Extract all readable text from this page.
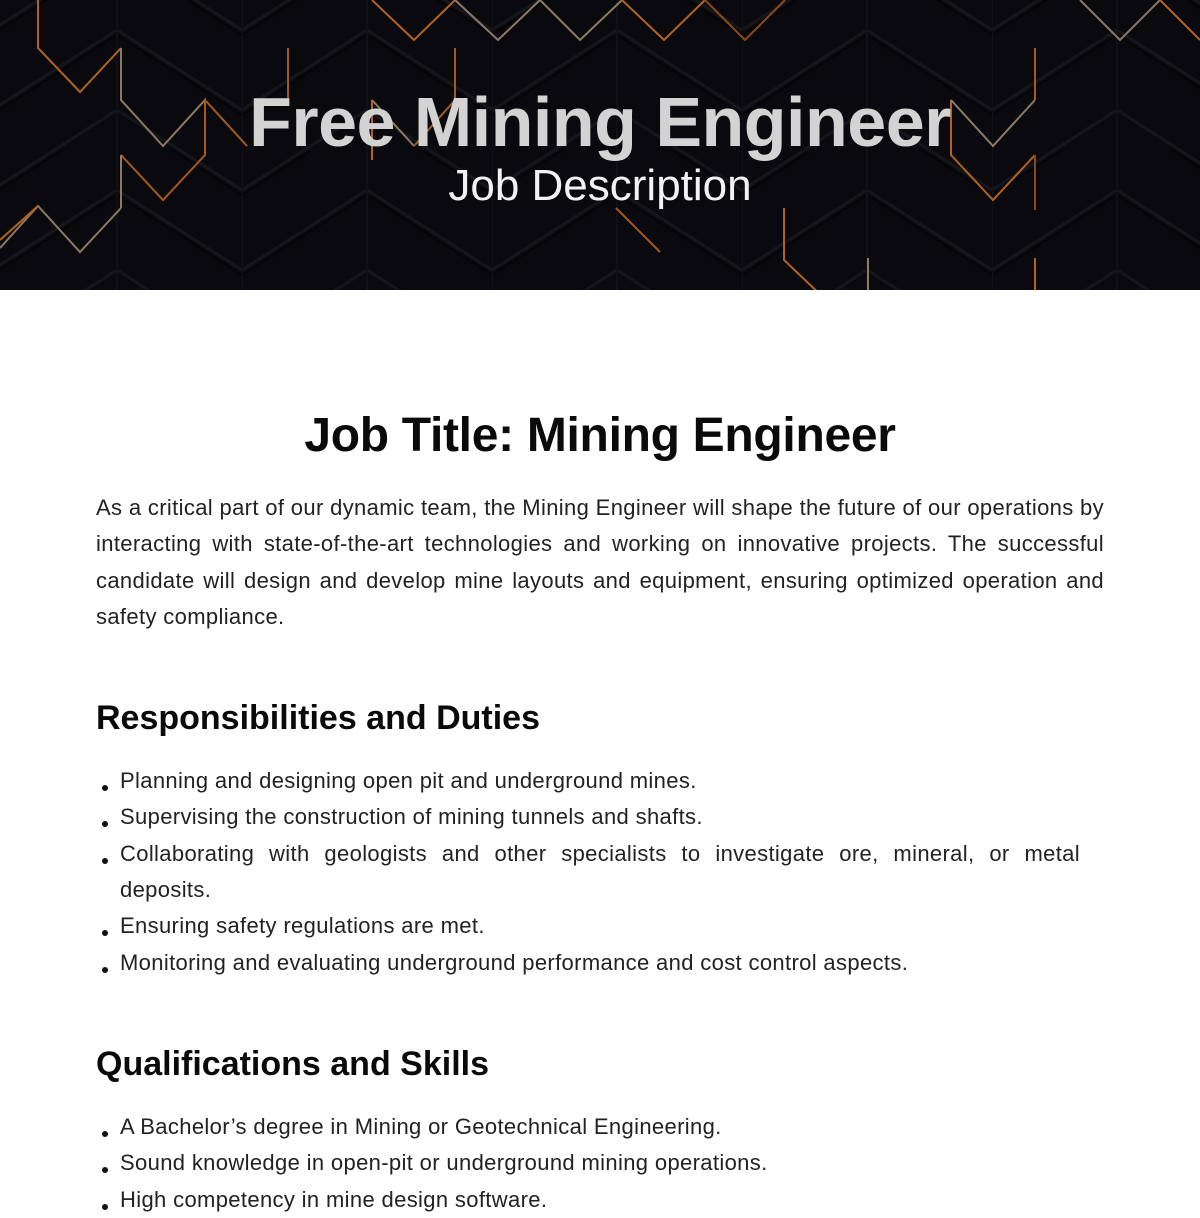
Free Mining Engineer
Job Description
Job Title: Mining Engineer

As a critical part of our dynamic team, the Mining Engineer will shape the future of our operations by interacting with state-of-the-art technologies and working on innovative projects. The successful candidate will design and develop mine layouts and equipment, ensuring optimized operation and safety compliance.

Responsibilities and Duties
Planning and designing open pit and underground mines.
Supervising the construction of mining tunnels and shafts.
Collaborating with geologists and other specialists to investigate ore, mineral, or metal deposits.
Ensuring safety regulations are met.
Monitoring and evaluating underground performance and cost control aspects.
Qualifications and Skills
A Bachelor’s degree in Mining or Geotechnical Engineering.
Sound knowledge in open-pit or underground mining operations.
High competency in mine design software.
